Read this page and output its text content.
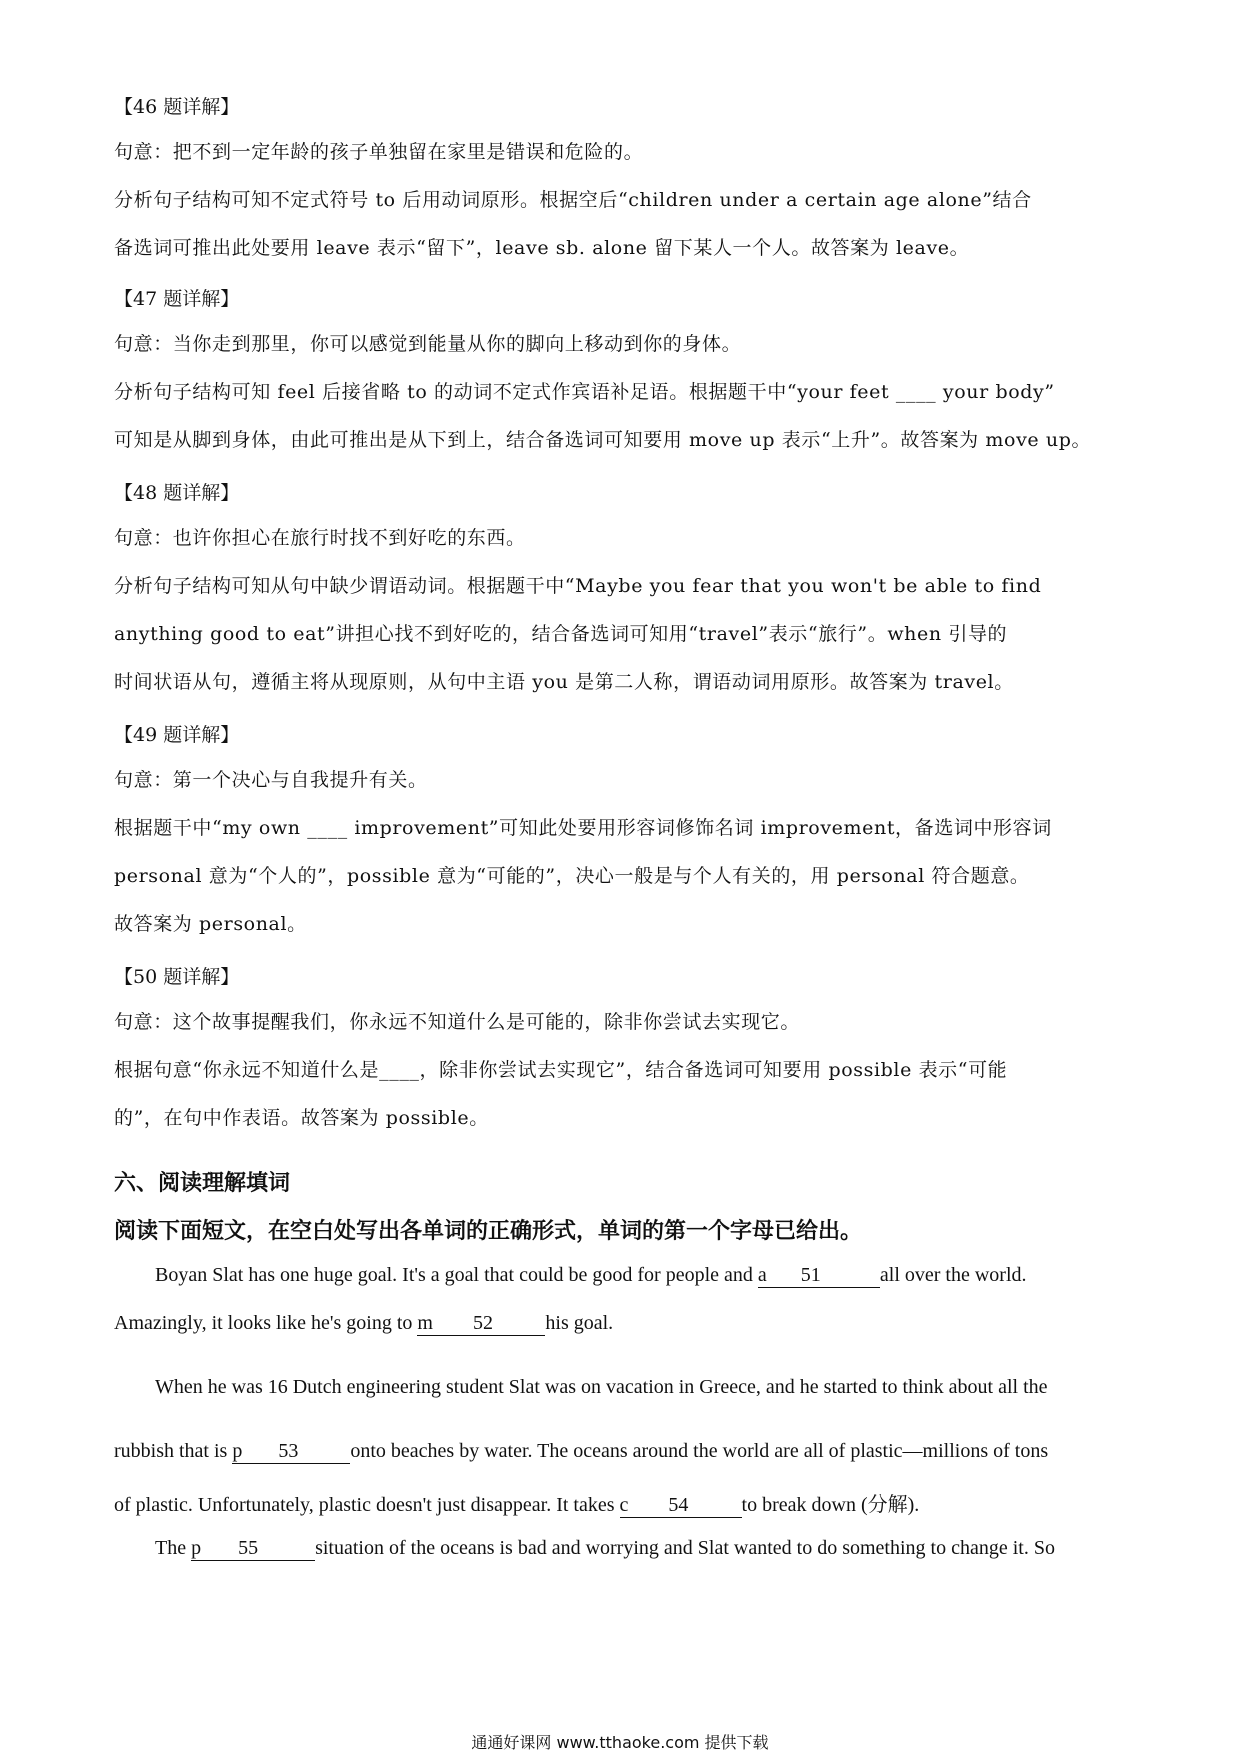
【46 题详解】
句意：把不到一定年龄的孩子单独留在家里是错误和危险的。
分析句子结构可知不定式符号 to 后用动词原形。根据空后“children under a certain age alone”结合
备选词可推出此处要用 leave 表示“留下”，leave sb. alone 留下某人一个人。故答案为 leave。
【47 题详解】
句意：当你走到那里，你可以感觉到能量从你的脚向上移动到你的身体。
分析句子结构可知 feel 后接省略 to 的动词不定式作宾语补足语。根据题干中“your feet ____ your body”
可知是从脚到身体，由此可推出是从下到上，结合备选词可知要用 move up 表示“上升”。故答案为 move up。
【48 题详解】
句意：也许你担心在旅行时找不到好吃的东西。
分析句子结构可知从句中缺少谓语动词。根据题干中“Maybe you fear that you won't be able to find
anything good to eat”讲担心找不到好吃的，结合备选词可知用“travel”表示“旅行”。when 引导的
时间状语从句，遵循主将从现原则，从句中主语 you 是第二人称，谓语动词用原形。故答案为 travel。
【49 题详解】
句意：第一个决心与自我提升有关。
根据题干中“my own ____ improvement”可知此处要用形容词修饰名词 improvement，备选词中形容词
personal 意为“个人的”，possible 意为“可能的”，决心一般是与个人有关的，用 personal 符合题意。
故答案为 personal。
【50 题详解】
句意：这个故事提醒我们，你永远不知道什么是可能的，除非你尝试去实现它。
根据句意“你永远不知道什么是____，除非你尝试去实现它”，结合备选词可知要用 possible 表示“可能
的”，在句中作表语。故答案为 possible。
六、阅读理解填词
阅读下面短文，在空白处写出各单词的正确形式，单词的第一个字母已给出。
Boyan Slat has one huge goal. It's a goal that could be good for people and a 51	all over the world.
Amazingly, it looks like he's going to m 52	his goal.
When he was 16 Dutch engineering student Slat was on vacation in Greece, and he started to think about all the
rubbish that is p 53	onto beaches by water. The oceans around the world are all of plastic—millions of tons
of plastic. Unfortunately, plastic doesn't just disappear. It takes c 54	to break down (分解).
The p 55	situation of the oceans is bad and worrying and Slat wanted to do something to change it. So
通通好课网 www.tthaoke.com 提供下载
